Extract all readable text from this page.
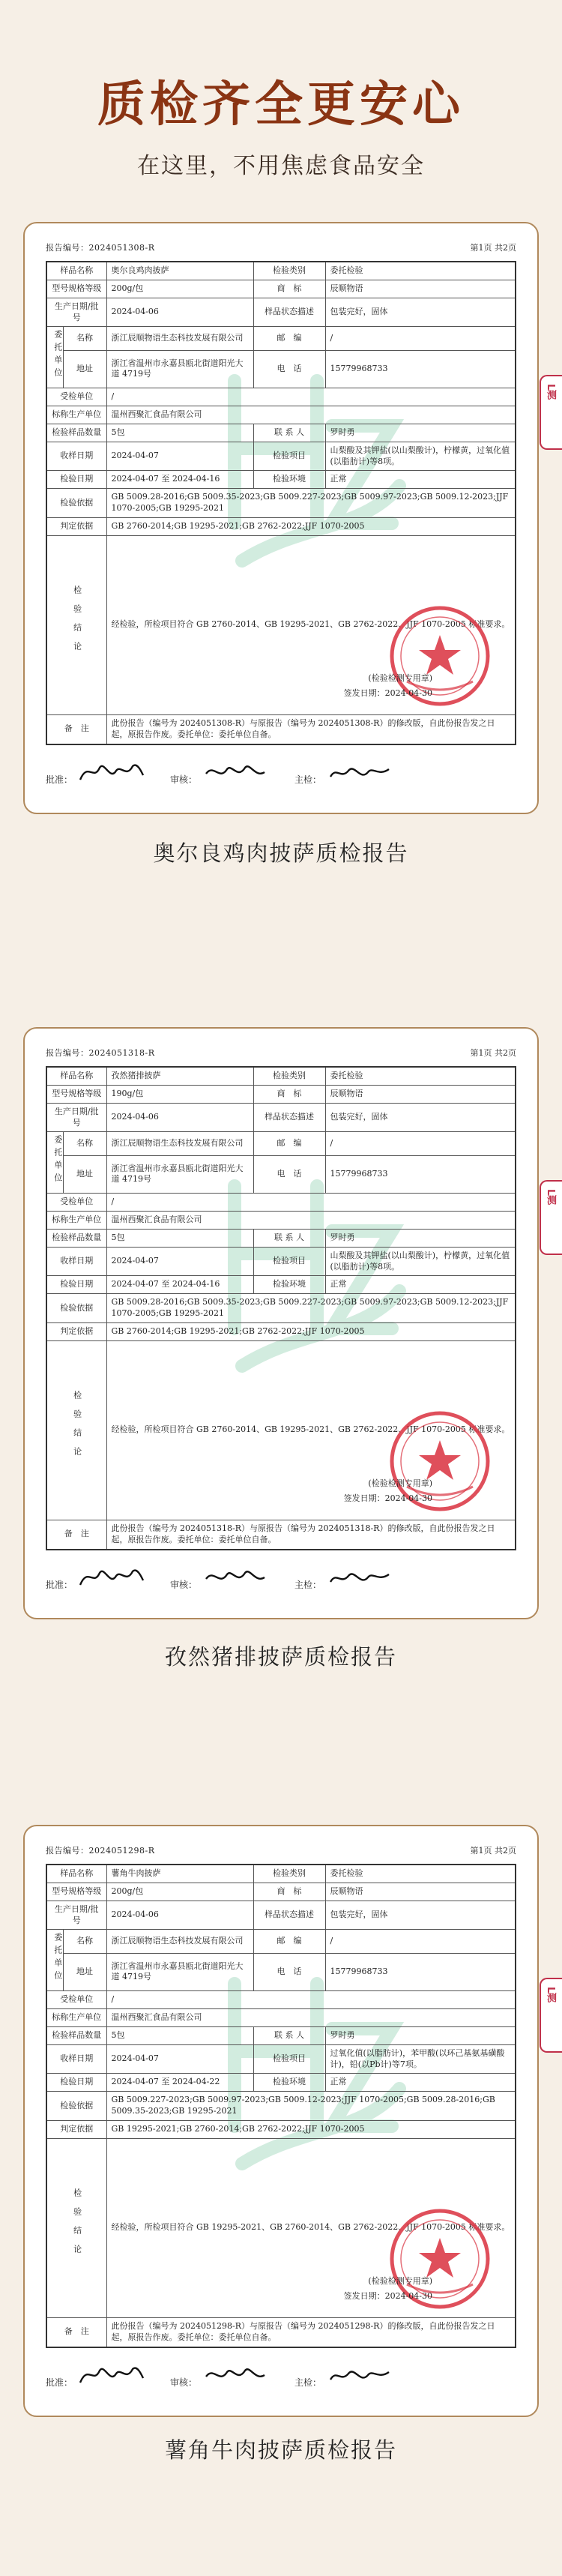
质检齐全更安心
在这里，不用焦虑食品安全
报告编号：2024051308-R	第1页 共2页
样品名称		奥尔良鸡肉披萨	检验类别	委托检验
型号规格等级		200g/包	商　标	辰顺物语
生产日期/批号		2024-04-06	样品状态描述	包装完好，固体
委托单位	名称	浙江辰顺物语生态科技发展有限公司	邮　编	/
	地址	浙江省温州市永嘉县瓯北街道阳光大道 4719号	电　话	15779968733
受检单位		/		
标称生产单位		温州西聚汇食品有限公司		
检验样品数量		5包	联 系 人	罗时勇
收样日期		2024-04-07	检验项目	山梨酸及其钾盐(以山梨酸计)，柠檬黄，过氧化值(以脂肪计)等8项。
检验日期		2024-04-07 至 2024-04-16	检验环境	正常
检验依据		GB 5009.28-2016;GB 5009.35-2023;GB 5009.227-2023;GB 5009.97-2023;GB 5009.12-2023;JJF 1070-2005;GB 19295-2021		
判定依据		GB 2760-2014;GB 19295-2021;GB 2762-2022;JJF 1070-2005		
检验结论		经检验，所检项目符合 GB 2760-2014、GB 19295-2021、GB 2762-2022、JJF 1070-2005 标准要求。
(检验检测专用章)
签发日期：2024-04-30		

备　注		此份报告（编号为 2024051308-R）与原报告（编号为 2024051308-R）的修改版，自此份报告发之日起，原报告作废。委托单位：委托单位自备。		
批准：	审核：	主检：
L测
奥尔良鸡肉披萨质检报告
报告编号：2024051318-R	第1页 共2页
样品名称		孜然猪排披萨	检验类别	委托检验
型号规格等级		190g/包	商　标	辰顺物语
生产日期/批号		2024-04-06	样品状态描述	包装完好，固体
委托单位	名称	浙江辰顺物语生态科技发展有限公司	邮　编	/
	地址	浙江省温州市永嘉县瓯北街道阳光大道 4719号	电　话	15779968733
受检单位		/		
标称生产单位		温州西聚汇食品有限公司		
检验样品数量		5包	联 系 人	罗时勇
收样日期		2024-04-07	检验项目	山梨酸及其钾盐(以山梨酸计)，柠檬黄，过氧化值(以脂肪计)等8项。
检验日期		2024-04-07 至 2024-04-16	检验环境	正常
检验依据		GB 5009.28-2016;GB 5009.35-2023;GB 5009.227-2023;GB 5009.97-2023;GB 5009.12-2023;JJF 1070-2005;GB 19295-2021		
判定依据		GB 2760-2014;GB 19295-2021;GB 2762-2022;JJF 1070-2005		
检验结论		经检验，所检项目符合 GB 2760-2014、GB 19295-2021、GB 2762-2022、JJF 1070-2005 标准要求。
(检验检测专用章)
签发日期：2024-04-30		

备　注		此份报告（编号为 2024051318-R）与原报告（编号为 2024051318-R）的修改版，自此份报告发之日起，原报告作废。委托单位：委托单位自备。		
批准：	审核：	主检：
L测
孜然猪排披萨质检报告
报告编号：2024051298-R	第1页 共2页
样品名称		薯角牛肉披萨	检验类别	委托检验
型号规格等级		200g/包	商　标	辰顺物语
生产日期/批号		2024-04-06	样品状态描述	包装完好，固体
委托单位	名称	浙江辰顺物语生态科技发展有限公司	邮　编	/
	地址	浙江省温州市永嘉县瓯北街道阳光大道 4719号	电　话	15779968733
受检单位		/		
标称生产单位		温州西聚汇食品有限公司		
检验样品数量		5包	联 系 人	罗时勇
收样日期		2024-04-07	检验项目	过氧化值(以脂肪计)，苯甲酸(以环己基氨基磺酸计)，铅(以Pb计)等7项。
检验日期		2024-04-07 至 2024-04-22	检验环境	正常
检验依据		GB 5009.227-2023;GB 5009.97-2023;GB 5009.12-2023;JJF 1070-2005;GB 5009.28-2016;GB 5009.35-2023;GB 19295-2021		
判定依据		GB 19295-2021;GB 2760-2014;GB 2762-2022;JJF 1070-2005		
检验结论		经检验，所检项目符合 GB 19295-2021、GB 2760-2014、GB 2762-2022、JJF 1070-2005 标准要求。
(检验检测专用章)
签发日期：2024-04-30		

备　注		此份报告（编号为 2024051298-R）与原报告（编号为 2024051298-R）的修改版，自此份报告发之日起，原报告作废。委托单位：委托单位自备。		
批准：	审核：	主检：
L测
薯角牛肉披萨质检报告
